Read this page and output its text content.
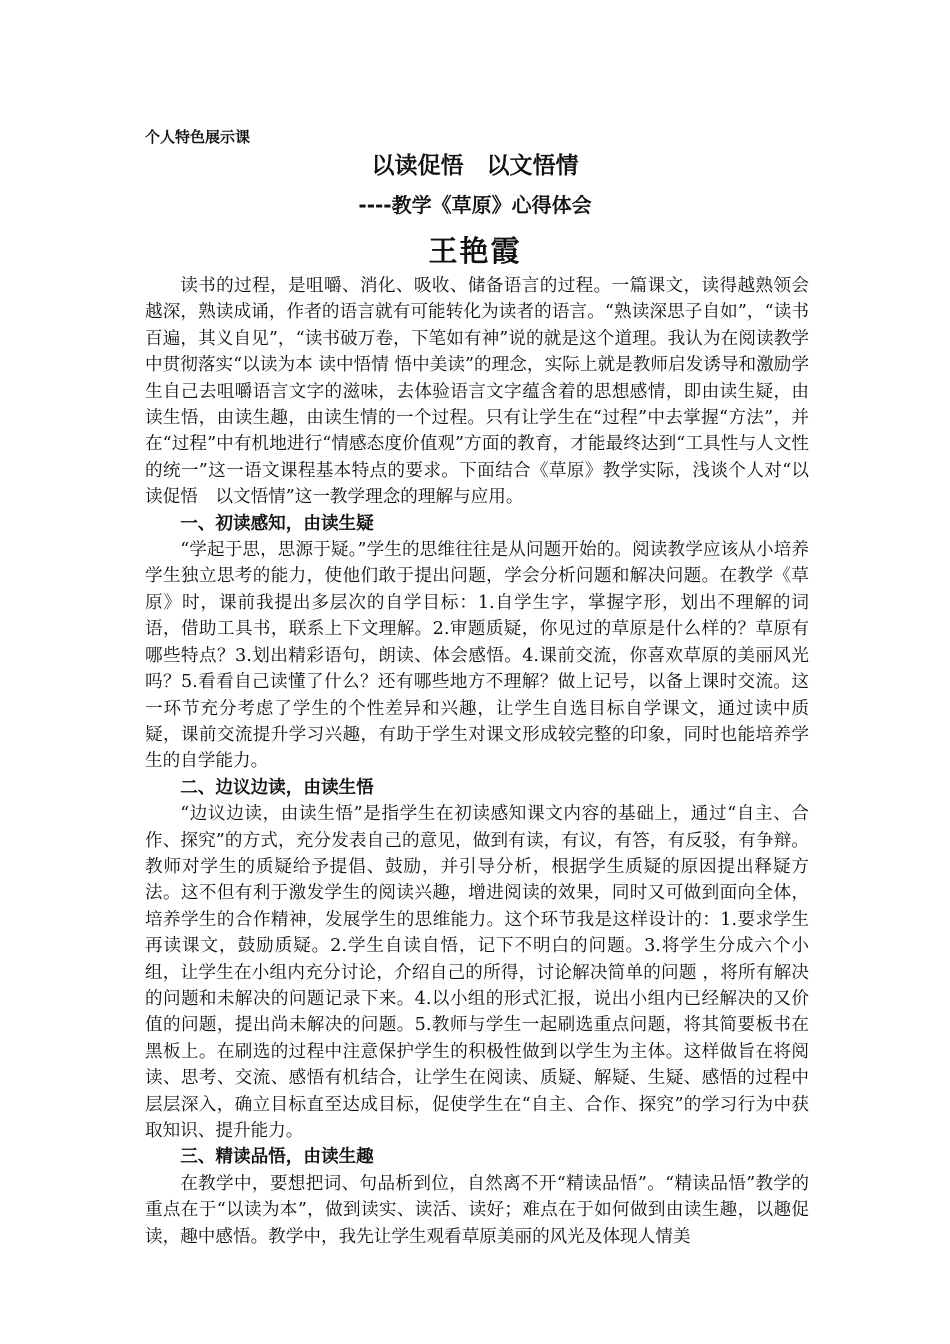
个人特色展示课
以读促悟　以文悟情
----教学《草原》心得体会
王艳霞

读书的过程，是咀嚼、消化、吸收、储备语言的过程。一篇课文，读得越熟领会越深，熟读成诵，作者的语言就有可能转化为读者的语言。“熟读深思子自如”，“读书百遍，其义自见”，“读书破万卷，下笔如有神”说的就是这个道理。我认为在阅读教学中贯彻落实“以读为本 读中悟情 悟中美读”的理念，实际上就是教师启发诱导和激励学生自己去咀嚼语言文字的滋味，去体验语言文字蕴含着的思想感情，即由读生疑，由读生悟，由读生趣，由读生情的一个过程。只有让学生在“过程”中去掌握“方法”，并在“过程”中有机地进行“情感态度价值观”方面的教育，才能最终达到“工具性与人文性的统一”这一语文课程基本特点的要求。下面结合《草原》教学实际，浅谈个人对“以读促悟　以文悟情”这一教学理念的理解与应用。

一、初读感知，由读生疑

“学起于思，思源于疑。”学生的思维往往是从问题开始的。阅读教学应该从小培养学生独立思考的能力，使他们敢于提出问题，学会分析问题和解决问题。在教学《草原》时，课前我提出多层次的自学目标：1.自学生字，掌握字形，划出不理解的词语，借助工具书，联系上下文理解。2.审题质疑，你见过的草原是什么样的？草原有哪些特点？3.划出精彩语句，朗读、体会感悟。4.课前交流，你喜欢草原的美丽风光吗？5.看看自己读懂了什么？还有哪些地方不理解？做上记号，以备上课时交流。这一环节充分考虑了学生的个性差异和兴趣，让学生自选目标自学课文，通过读中质疑，课前交流提升学习兴趣，有助于学生对课文形成较完整的印象，同时也能培养学生的自学能力。

二、边议边读，由读生悟

“边议边读，由读生悟”是指学生在初读感知课文内容的基础上，通过“自主、合作、探究”的方式，充分发表自己的意见，做到有读，有议，有答，有反驳，有争辩。教师对学生的质疑给予提倡、鼓励，并引导分析，根据学生质疑的原因提出释疑方法。这不但有利于激发学生的阅读兴趣，增进阅读的效果，同时又可做到面向全体，培养学生的合作精神，发展学生的思维能力。这个环节我是这样设计的：1.要求学生再读课文，鼓励质疑。2.学生自读自悟，记下不明白的问题。3.将学生分成六个小组，让学生在小组内充分讨论，介绍自己的所得，讨论解决简单的问题 ，将所有解决的问题和未解决的问题记录下来。4.以小组的形式汇报，说出小组内已经解决的又价值的问题，提出尚未解决的问题。5.教师与学生一起刷选重点问题，将其简要板书在黑板上。在刷选的过程中注意保护学生的积极性做到以学生为主体。这样做旨在将阅读、思考、交流、感悟有机结合，让学生在阅读、质疑、解疑、生疑、感悟的过程中层层深入，确立目标直至达成目标，促使学生在“自主、合作、探究”的学习行为中获取知识、提升能力。

三、精读品悟，由读生趣

在教学中，要想把词、句品析到位，自然离不开“精读品悟”。“精读品悟”教学的重点在于“以读为本”，做到读实、读活、读好；难点在于如何做到由读生趣，以趣促读，趣中感悟。教学中，我先让学生观看草原美丽的风光及体现人情美
